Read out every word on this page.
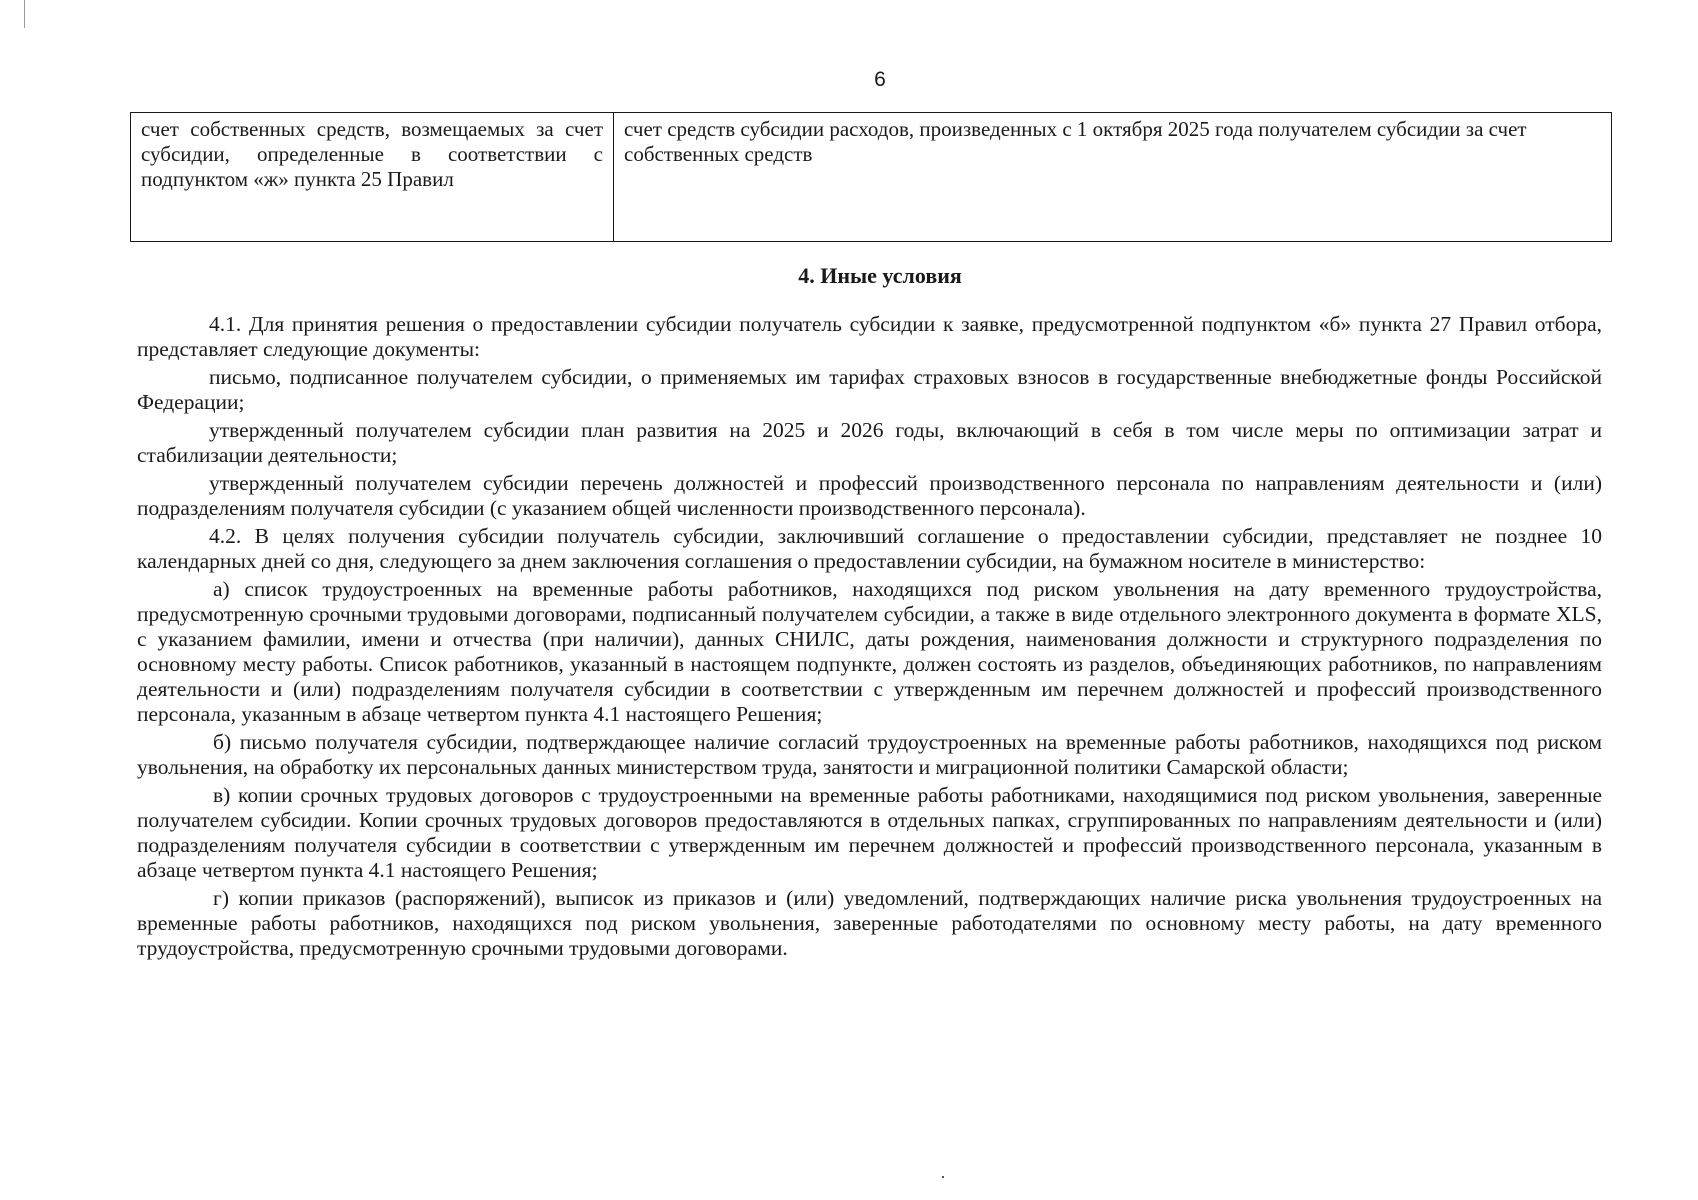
6
счет собственных средств, возмещаемых за счет субсидии, определенные в соответствии с подпунктом «ж» пункта 25 Правил	счет средств субсидии расходов, произведенных с 1 октября 2025 года получателем субсидии за счет собственных средств
4. Иные условия

4.1. Для принятия решения о предоставлении субсидии получатель субсидии к заявке, предусмотренной подпунктом «б» пункта 27 Правил отбора, представляет следующие документы:

письмо, подписанное получателем субсидии, о применяемых им тарифах страховых взносов в государственные внебюджетные фонды Российской Федерации;

утвержденный получателем субсидии план развития на 2025 и 2026 годы, включающий в себя в том числе меры по оптимизации затрат и стабилизации деятельности;

утвержденный получателем субсидии перечень должностей и профессий производственного персонала по направлениям деятельности и (или) подразделениям получателя субсидии (с указанием общей численности производственного персонала).

4.2. В целях получения субсидии получатель субсидии, заключивший соглашение о предоставлении субсидии, представляет не позднее 10 календарных дней со дня, следующего за днем заключения соглашения о предоставлении субсидии, на бумажном носителе в министерство:

а) список трудоустроенных на временные работы работников, находящихся под риском увольнения на дату временного трудоустройства, предусмотренную срочными трудовыми договорами, подписанный получателем субсидии, а также в виде отдельного электронного документа в формате XLS, с указанием фамилии, имени и отчества (при наличии), данных СНИЛС, даты рождения, наименования должности и структурного подразделения по основному месту работы. Список работников, указанный в настоящем подпункте, должен состоять из разделов, объединяющих работников, по направлениям деятельности и (или) подразделениям получателя субсидии в соответствии с утвержденным им перечнем должностей и профессий производственного персонала, указанным в абзаце четвертом пункта 4.1 настоящего Решения;

б) письмо получателя субсидии, подтверждающее наличие согласий трудоустроенных на временные работы работников, находящихся под риском увольнения, на обработку их персональных данных министерством труда, занятости и миграционной политики Самарской области;

в) копии срочных трудовых договоров с трудоустроенными на временные работы работниками, находящимися под риском увольнения, заверенные получателем субсидии. Копии срочных трудовых договоров предоставляются в отдельных папках, сгруппированных по направлениям деятельности и (или) подразделениям получателя субсидии в соответствии с утвержденным им перечнем должностей и профессий производственного персонала, указанным в абзаце четвертом пункта 4.1 настоящего Решения;

г) копии приказов (распоряжений), выписок из приказов и (или) уведомлений, подтверждающих наличие риска увольнения трудоустроенных на временные работы работников, находящихся под риском увольнения, заверенные работодателями по основному месту работы, на дату временного трудоустройства, предусмотренную срочными трудовыми договорами.
